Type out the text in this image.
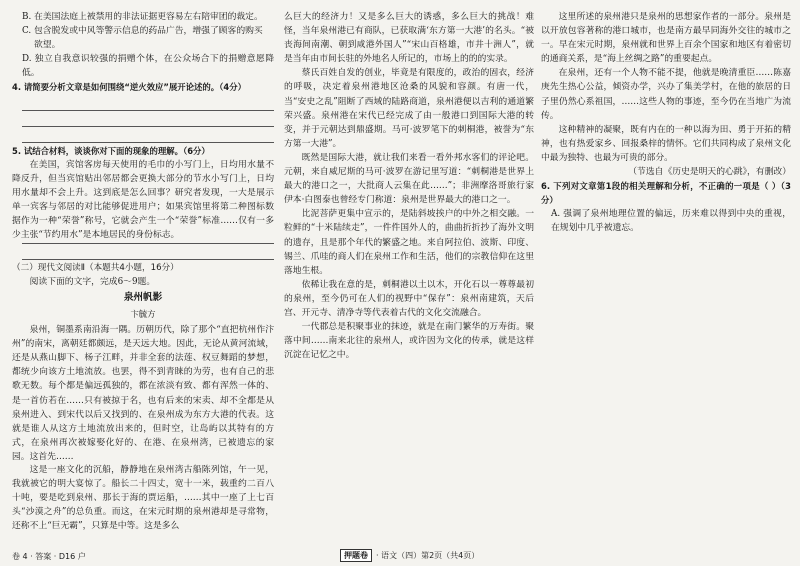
B. 在美国法庭上被禁用的非法证据更容易左右陪审团的裁定。

C. 包含脱发或中风等警示信息的药品广告，增强了顾客的购买

欲望。

D. 独立自我意识较强的捐赠个体，在公众场合下的捐赠意愿降低。

4. 请简要分析文章是如何围绕“逆火效应”展开论述的。（4分）

5. 试结合材料，谈谈你对下面的现象的理解。（6分）

在美国，宾馆客房每天使用的毛巾的小写门上，日均用水量不降反升，但当宾馆贴出邻居都会更换大部分的节水小写门上，日均用水量却不会上升。这到底是怎么回事？研究者发现，一大是展示单一宾客与邻居的对比能够促进用户；如果宾馆里将第二种图标数据作为一种“荣誉”称号，它就会产生一个“荣誉”标准……仅有一多少主张“节约用水”是本地居民的身份标志。

（二）现代文阅读Ⅱ（本题共4小题，16分）

阅读下面的文字，完成6～9题。

泉州帆影

卞毓方

泉州，铜墨系南沿海一隅。历朝历代，除了那个“直把杭州作汴州”的南宋，离朝廷都颇远，是天远大地。因此，无论从黄河流域，还是从燕山脚下、杨子江畔，并非全套的法莲、权豆舞蹈的梦想，都统少向该方土地流放。也罢，得不到青睐的为劳，也有自己的悲歌无数。每个都是偏远孤独的，都在浓淡有致、都有浑然一体的、是一首仿若在……只有被掠于名，也有后来的宋卖、却不全都是从泉州进入、到宋代以后又找到的、在泉州成为东方大港的代表。这就是谁人从这方土地流放出来的，但时空，让岛屿以其特有的方式，在泉州再次被嫁娶化好的、在港、在泉州湾，已被遗忘的家园。这首先……

这是一座文化的沉船，静静地在泉州湾古船陈列馆，午一见，我就被它的明大宴惊了。船长二十四丈，宽十一米，载重约二百八十吨，要是吃到泉州、那长于海的贾运船，……其中一座了上七百头“沙漠之舟”的总负重。而这，在宋元时期的泉州港却是寻常物，还称不上“巨无霸”，只算是中等。这是多么

么巨大的经济力！又是多么巨大的诱惑，多么巨大的挑战！难怪，当年泉州港已有商队，已获取满‘东方第一大港’的名头。“被丧海间南潮、朝到咸港外国人”“宋山百格雄，市井十洲人”，就是当年由市间长驻的外地名人所记的，市场上的的的实录。

蔡氏百姓自发的创业，毕竟是有限度的，政治的固衣，经济的呼吸，决定着泉州港地区沧桑的风貌和容颜。有唐一代，当“安史之乱”阻断了西域的陆路商道，泉州港便以吉利的通道繁荣兴盛。泉州港在宋代已经完成了由一般港口到国际大港的转变，并于元朝达到鼎盛期。马可·波罗笔下的刺桐港，被誉为“东方第一大港”。

既然是国际大港，就让我们来看一看外邦水客们的评论吧。元朝，来自威尼斯的马可·波罗在游记里写道：“刺桐港是世界上最大的港口之一，大批商人云集在此……”；非洲摩洛哥旅行家伊本·白图泰也曾经专门称道：泉州是世界最大的港口之一。

比泥菩萨更集中宣示的，是陆斜坡挨户的中外之相交融。一粒鲜的“十米陆续走”，一件件国外人的，曲曲折折抄了海外文明的遗存，且是那个年代的繁盛之地。来自阿拉伯、波斯、印度、锡兰、爪哇的商人们在泉州工作和生活，他们的宗教信仰在这里落地生根。

依稀让我在意的是，刺桐港以土以木，开化石以一尊尊最初的泉州，至今仍可在人们的视野中“保存”：泉州南建筑，天后宫、开元寺、清净寺等代表着古代的文化交流融合。

一代郡总是积聚事业的抹迹，就是在南门繁华的万寿街。聚落中间……南来北往的泉州人，或许因为文化的传承，就是这样沉淀在记忆之中。

这里所述的泉州港只是泉州的思想家作者的一部分。泉州是以开放包容著称的港口城市，也是南方最早同海外交往的城市之一。早在宋元时期，泉州就和世界上百余个国家和地区有着密切的通商关系，是“海上丝绸之路”的重要起点。

在泉州，还有一个人物不能不提，他就是晚清重臣……陈嘉庚先生热心公益，倾资办学，兴办了集美学村，在他的旅居的日子里仍然心系祖国，……这些人物的事迹，至今仍在当地广为流传。

这种精神的凝聚，既有内在的一种以海为田、勇于开拓的精神，也有热爱家乡、回报桑梓的情怀。它们共同构成了泉州文化中最为独特、也最为可贵的部分。

（节选自《历史是明天的心跳》，有删改）

6. 下列对文章第1段的相关理解和分析，不正确的一项是（ ）（3分）

A. 强调了泉州地理位置的偏远，历来难以得到中央的重视，在规划中几乎被遗忘。

卷 4 · 答案 · D16 户	押题卷	· 语文（四）第2页（共4页）
